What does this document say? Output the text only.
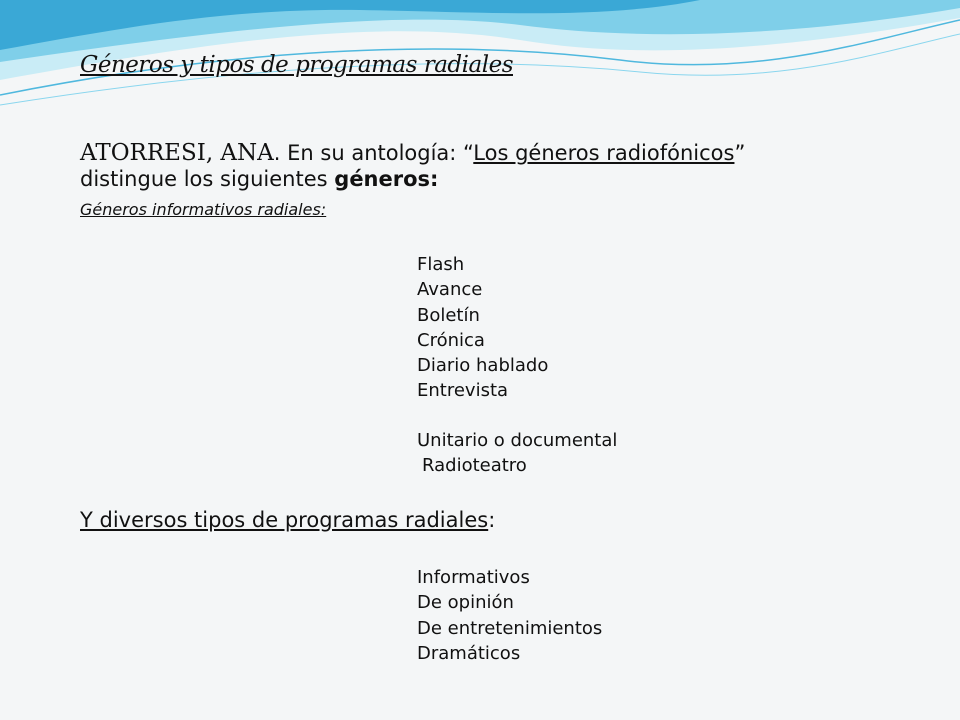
Géneros y tipos de programas radiales
ATORRESI, ANA. En su antología: “Los géneros radiofónicos”
distingue los siguientes géneros:
Géneros informativos radiales:
Flash
Avance
Boletín
Crónica
Diario hablado
Entrevista
Unitario o documental
Radioteatro
Y diversos tipos de programas radiales:
Informativos
De opinión
De entretenimientos
Dramáticos
